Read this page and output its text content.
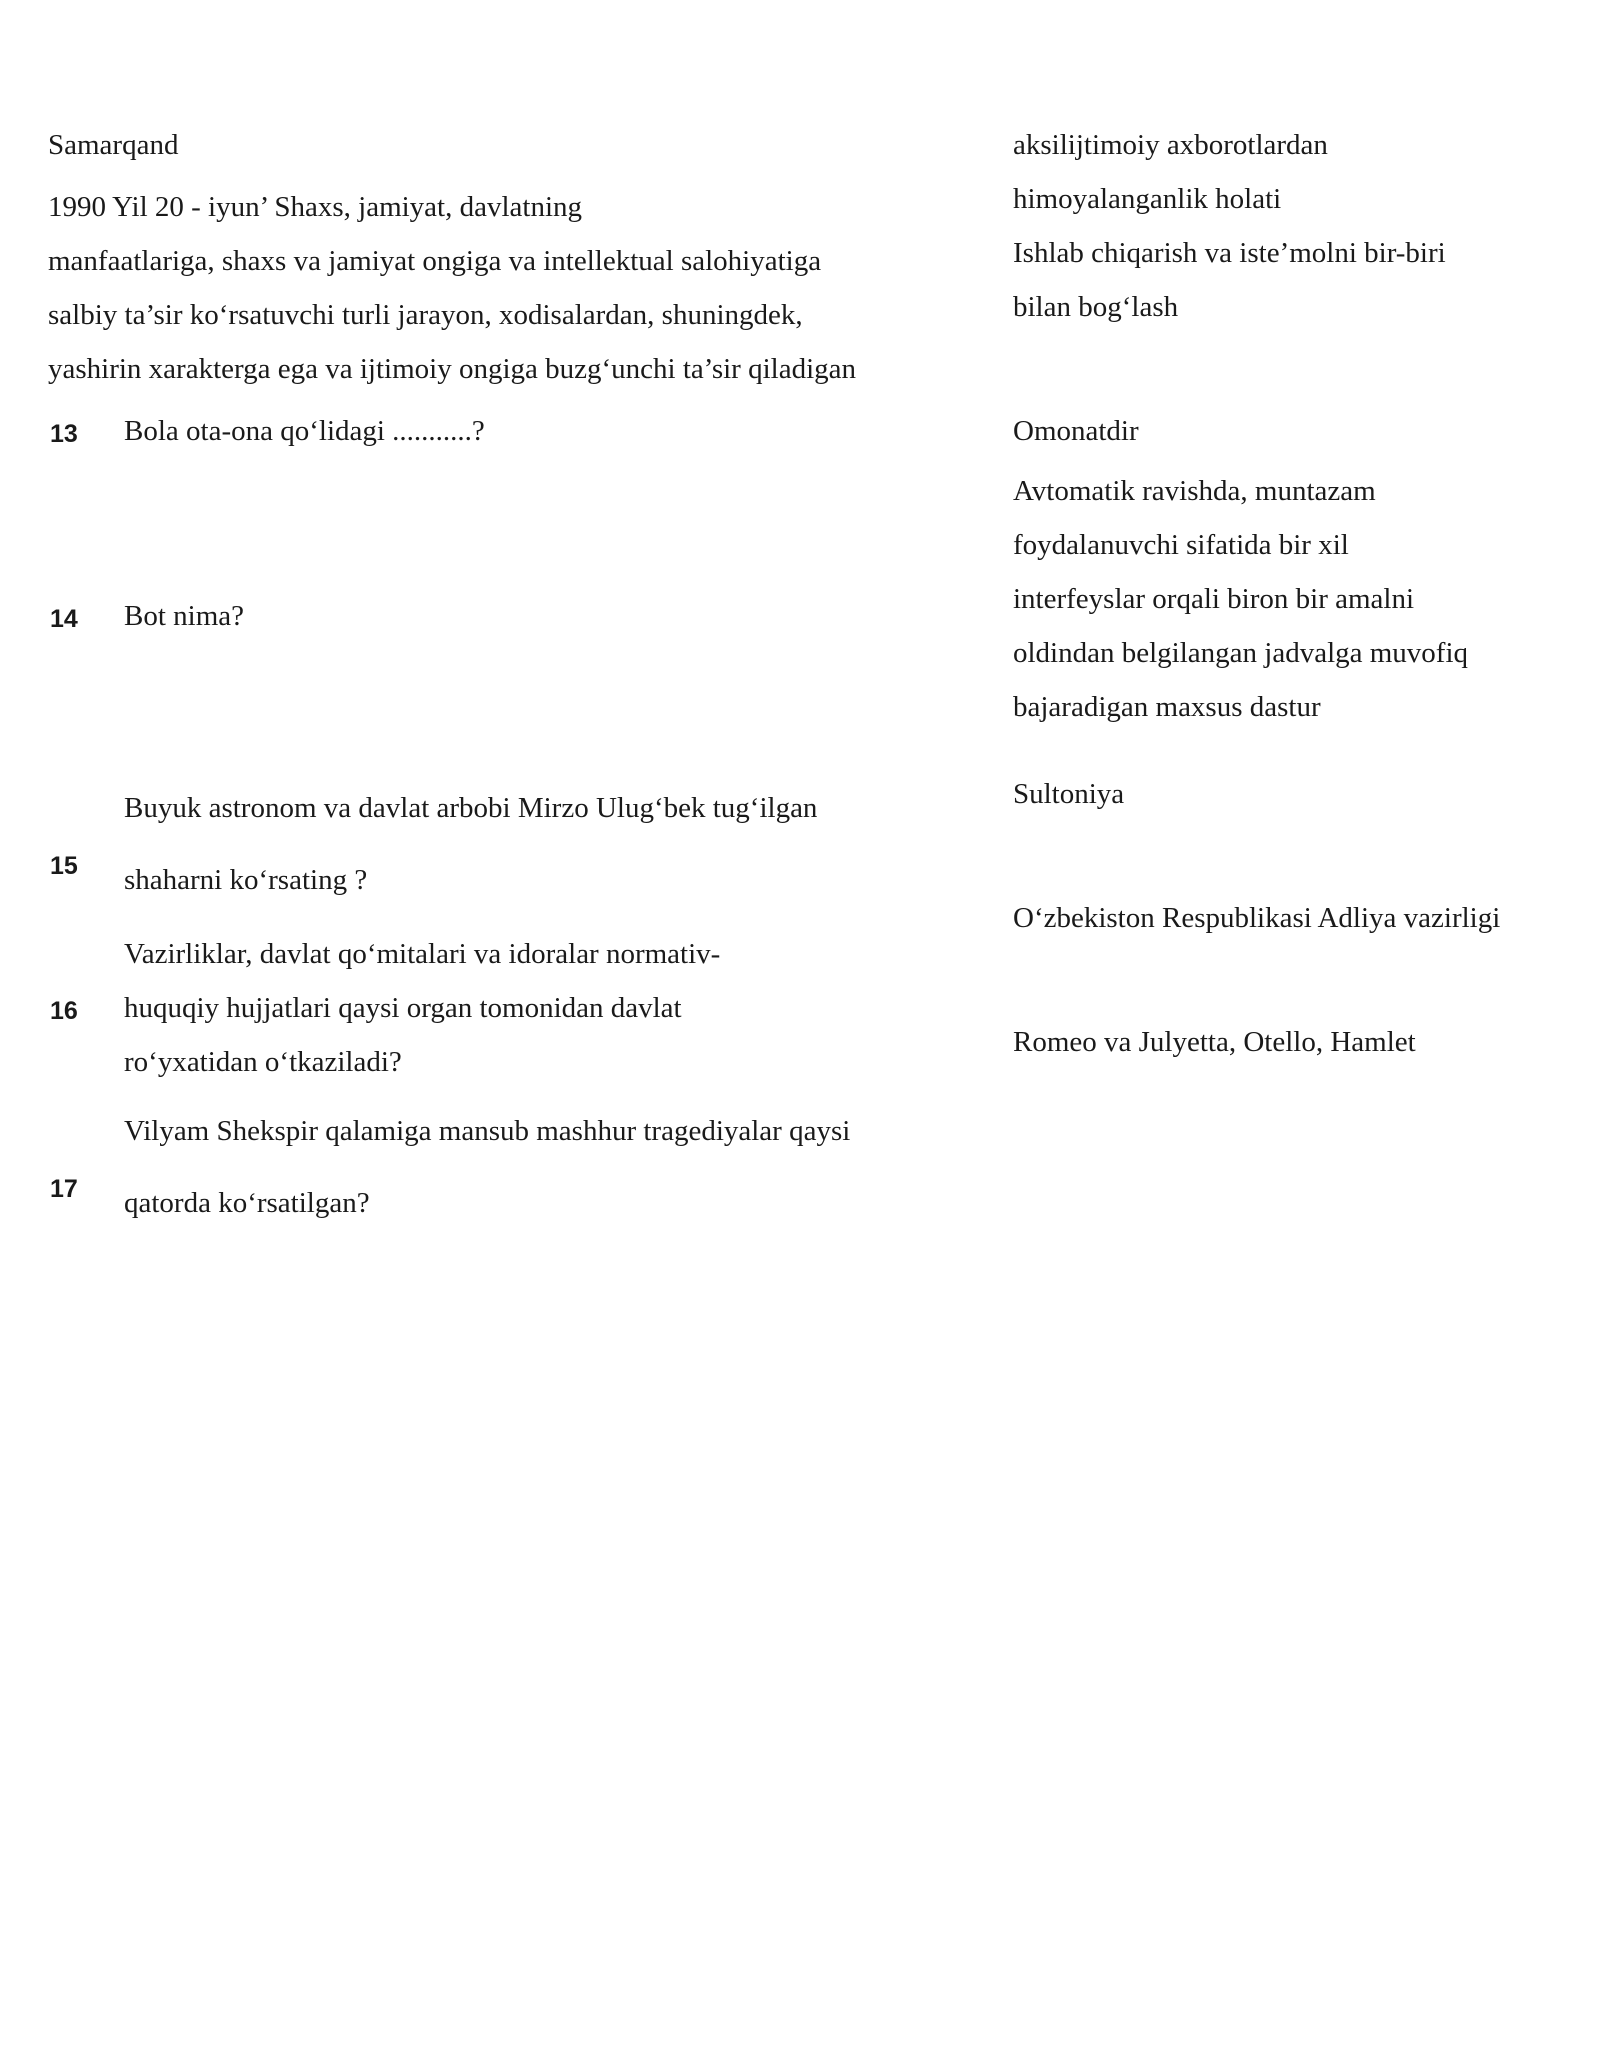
Samarqand
1990 Yil 20 - iyun’ Shaxs, jamiyat, davlatning
manfaatlariga, shaxs va jamiyat ongiga va intellektual salohiyatiga
salbiy ta’sir ko‘rsatuvchi turli jarayon, xodisalardan, shuningdek,
yashirin xarakterga ega va ijtimoiy ongiga buzg‘unchi ta’sir qiladigan
aksilijtimoiy axborotlardan
himoyalanganlik holati
Ishlab chiqarish va iste’molni bir-biri
bilan bog‘lash
13 Bola ota-ona qo‘lidagi ...........?	Omonatdir
14 Bot nima?
Avtomatik ravishda, muntazam
foydalanuvchi sifatida bir xil
interfeyslar orqali biron bir amalni
oldindan belgilangan jadvalga muvofiq
bajaradigan maxsus dastur
15
Buyuk astronom va davlat arbobi Mirzo Ulug‘bek tug‘ilgan
shaharni ko‘rsating ?
Sultoniya
16
Vazirliklar, davlat qo‘mitalari va idoralar normativ-
huquqiy hujjatlari qaysi organ tomonidan davlat
ro‘yxatidan o‘tkaziladi?
O‘zbekiston Respublikasi Adliya vazirligi
17
Vilyam Shekspir qalamiga mansub mashhur tragediyalar qaysi
qatorda ko‘rsatilgan?
Romeo va Julyetta, Otello, Hamlet
